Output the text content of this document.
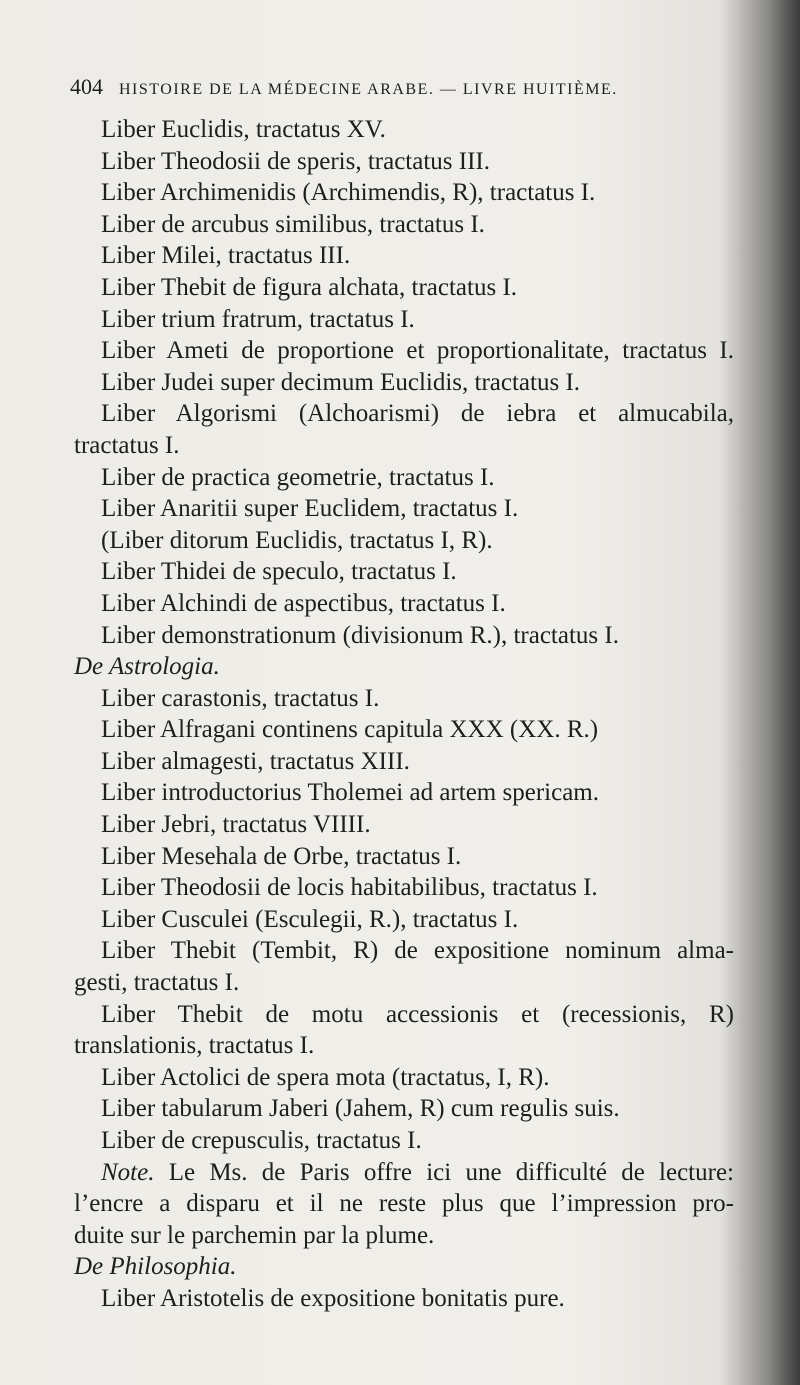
404 HISTOIRE DE LA MÉDECINE ARABE. — LIVRE HUITIÈME.
Liber Euclidis, tractatus XV.
Liber Theodosii de speris, tractatus III.
Liber Archimenidis (Archimendis, R), tractatus I.
Liber de arcubus similibus, tractatus I.
Liber Milei, tractatus III.
Liber Thebit de figura alchata, tractatus I.
Liber trium fratrum, tractatus I.
Liber Ameti de proportione et proportionalitate, tractatus I.
Liber Judei super decimum Euclidis, tractatus I.
Liber Algorismi (Alchoarismi) de iebra et almucabila,
tractatus I.
Liber de practica geometrie, tractatus I.
Liber Anaritii super Euclidem, tractatus I.
(Liber ditorum Euclidis, tractatus I, R).
Liber Thidei de speculo, tractatus I.
Liber Alchindi de aspectibus, tractatus I.
Liber demonstrationum (divisionum R.), tractatus I.
De Astrologia.
Liber carastonis, tractatus I.
Liber Alfragani continens capitula XXX (XX. R.)
Liber almagesti, tractatus XIII.
Liber introductorius Tholemei ad artem spericam.
Liber Jebri, tractatus VIIII.
Liber Mesehala de Orbe, tractatus I.
Liber Theodosii de locis habitabilibus, tractatus I.
Liber Cusculei (Esculegii, R.), tractatus I.
Liber Thebit (Tembit, R) de expositione nominum alma-
gesti, tractatus I.
Liber Thebit de motu accessionis et (recessionis, R)
translationis, tractatus I.
Liber Actolici de spera mota (tractatus, I, R).
Liber tabularum Jaberi (Jahem, R) cum regulis suis.
Liber de crepusculis, tractatus I.
Note. Le Ms. de Paris offre ici une difficulté de lecture:
l’encre a disparu et il ne reste plus que l’impression pro-
duite sur le parchemin par la plume.
De Philosophia.
Liber Aristotelis de expositione bonitatis pure.
